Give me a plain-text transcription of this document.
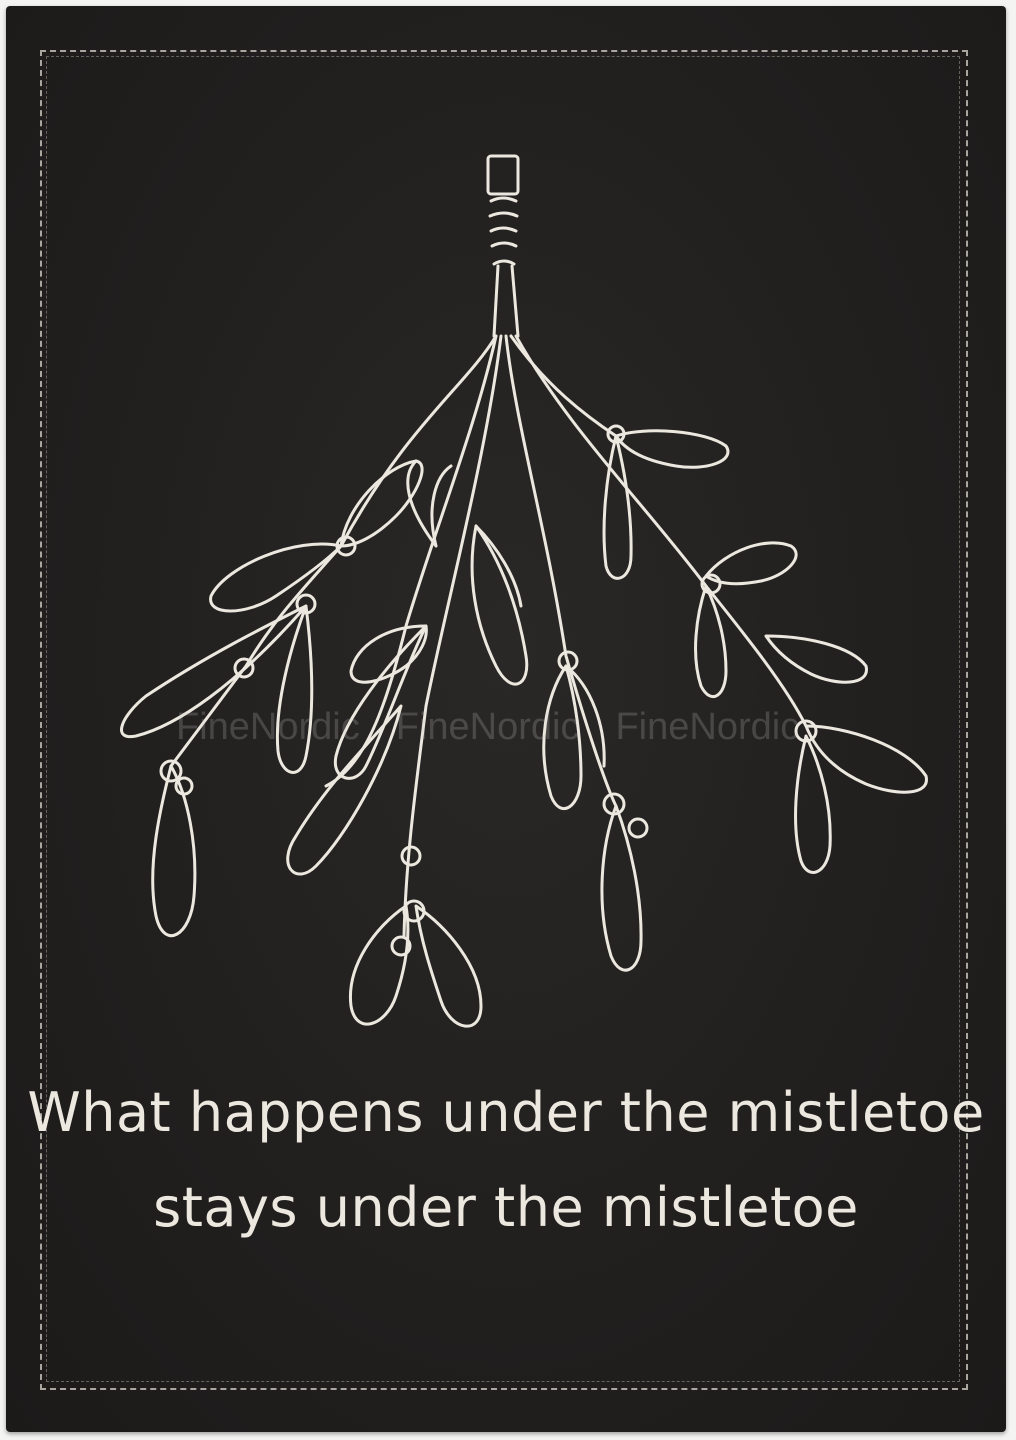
FineNordic FineNordic FineNordic
What happens under the mistletoe
stays under the mistletoe
